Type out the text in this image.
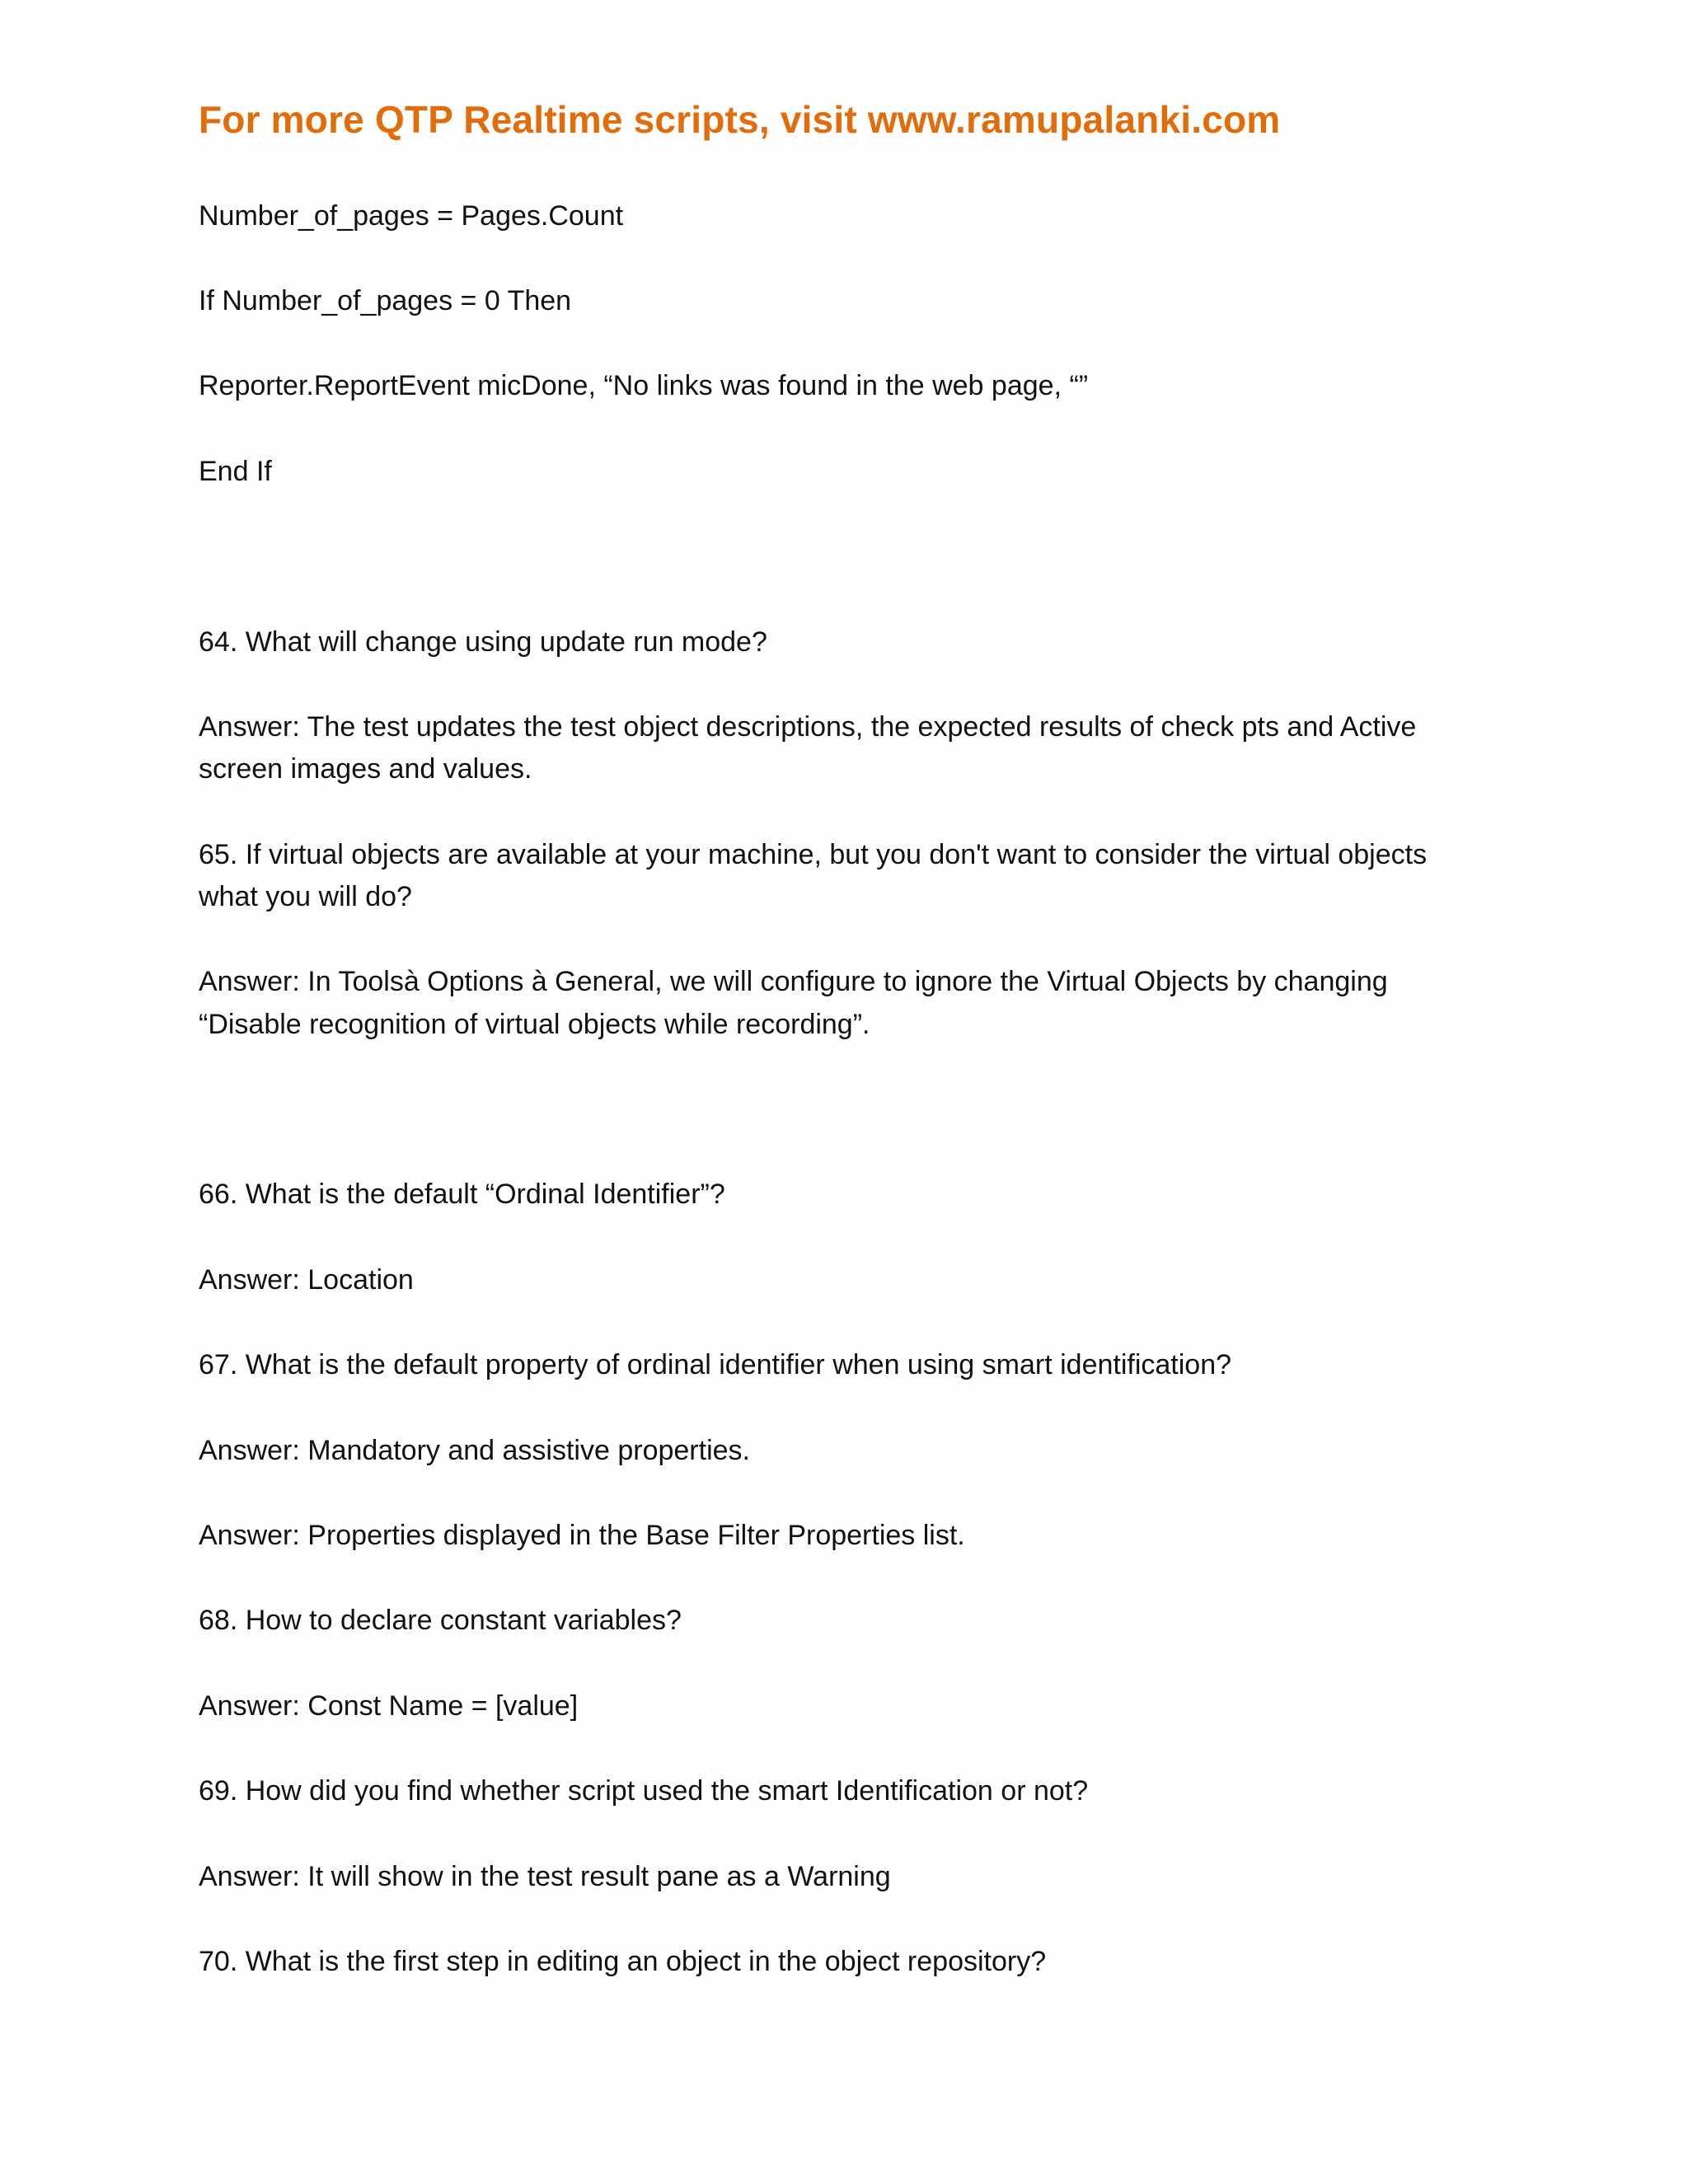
For more QTP Realtime scripts, visit www.ramupalanki.com
Number_of_pages = Pages.Count
If Number_of_pages = 0 Then
Reporter.ReportEvent micDone, “No links was found in the web page, “”
End If
64. What will change using update run mode?
Answer: The test updates the test object descriptions, the expected results of check pts and Active
screen images and values.
65. If virtual objects are available at your machine, but you don't want to consider the virtual objects
what you will do?
Answer: In Toolsà Options à General, we will configure to ignore the Virtual Objects by changing
“Disable recognition of virtual objects while recording”.
66. What is the default “Ordinal Identifier”?
Answer: Location
67. What is the default property of ordinal identifier when using smart identification?
Answer: Mandatory and assistive properties.
Answer: Properties displayed in the Base Filter Properties list.
68. How to declare constant variables?
Answer: Const Name = [value]
69. How did you find whether script used the smart Identification or not?
Answer: It will show in the test result pane as a Warning
70. What is the first step in editing an object in the object repository?
